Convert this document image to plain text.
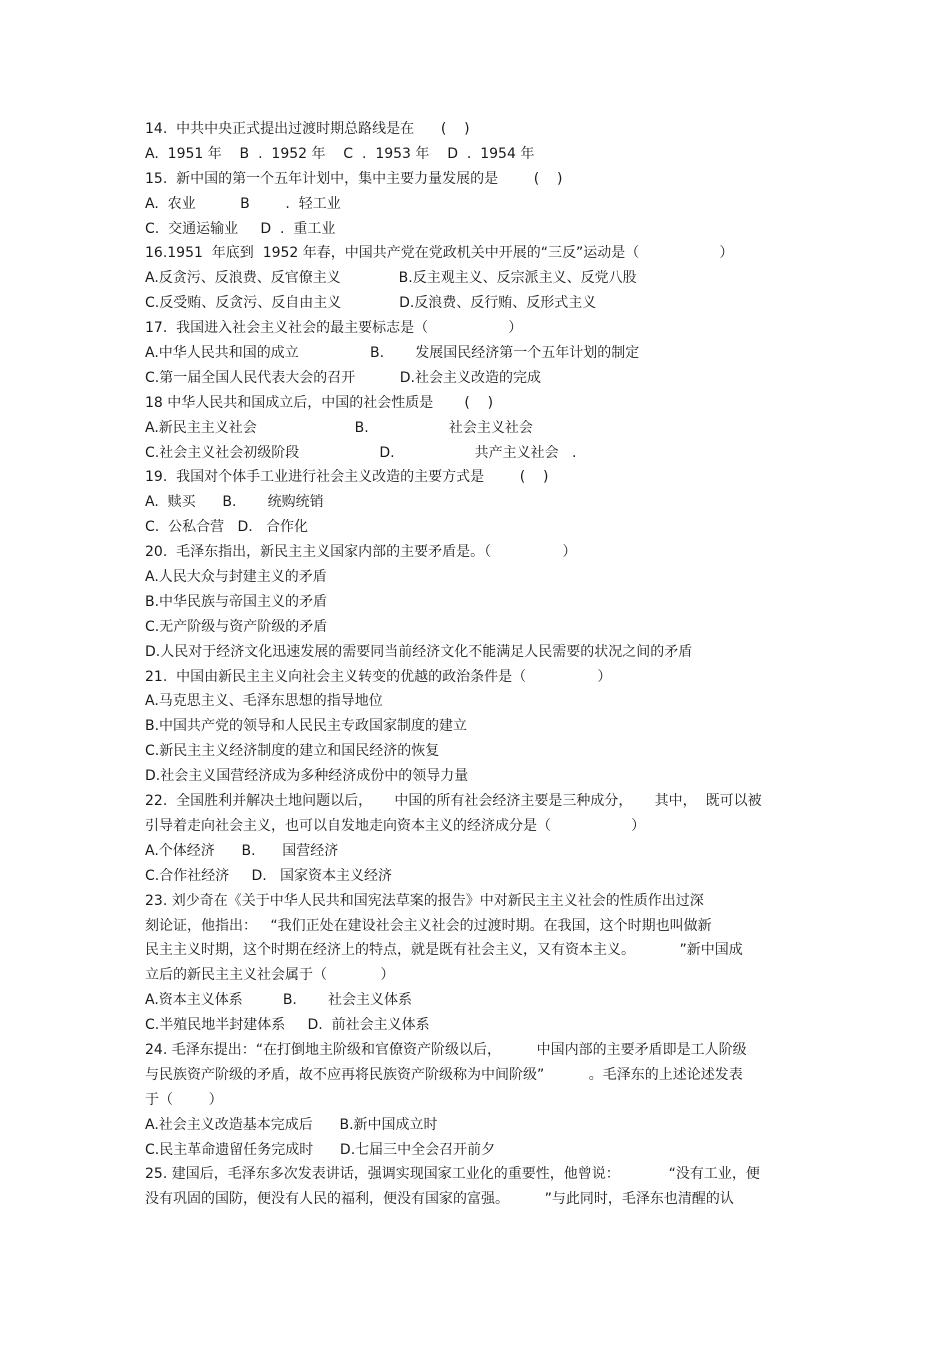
14.  中共中央正式提出过渡时期总路线是在      (    )
A.  1951 年    B  .  1952 年    C  .  1953 年    D  .  1954 年
15.  新中国的第一个五年计划中，集中主要力量发展的是        (    )
A.  农业          B        .  轻工业
C.  交通运输业     D  .  重工业
16.1951  年底到  1952 年春，中国共产党在党政机关中开展的“三反”运动是（                  ）
A.反贪污、反浪费、反官僚主义             B.反主观主义、反宗派主义、反党八股
C.反受贿、反贪污、反自由主义             D.反浪费、反行贿、反形式主义
17.  我国进入社会主义社会的最主要标志是（                  ）
A.中华人民共和国的成立                B.       发展国民经济第一个五年计划的制定
C.第一届全国人民代表大会的召开          D.社会主义改造的完成
18 中华人民共和国成立后，中国的社会性质是       (    )
A.新民主主义社会                      B.                  社会主义社会
C.社会主义社会初级阶段                  D.                  共产主义社会   .
19.  我国对个体手工业进行社会主义改造的主要方式是        (    )
A.  赎买      B.       统购统销
C.  公私合营   D.   合作化
20.  毛泽东指出，新民主主义国家内部的主要矛盾是。（                ）
A.人民大众与封建主义的矛盾
B.中华民族与帝国主义的矛盾
C.无产阶级与资产阶级的矛盾
D.人民对于经济文化迅速发展的需要同当前经济文化不能满足人民需要的状况之间的矛盾
21.  中国由新民主主义向社会主义转变的优越的政治条件是（                ）
A.马克思主义、毛泽东思想的指导地位
B.中国共产党的领导和人民民主专政国家制度的建立
C.新民主主义经济制度的建立和国民经济的恢复
D.社会主义国营经济成为多种经济成份中的领导力量
22.  全国胜利并解决土地问题以后，     中国的所有社会经济主要是三种成分，     其中，  既可以被
引导着走向社会主义，也可以自发地走向资本主义的经济成分是（                  ）
A.个体经济      B.      国营经济
C.合作社经济     D.   国家资本主义经济
23. 刘少奇在《关于中华人民共和国宪法草案的报告》中对新民主主义社会的性质作出过深
刻论证，他指出：   “我们正处在建设社会主义社会的过渡时期。在我国，这个时期也叫做新
民主主义时期，这个时期在经济上的特点，就是既有社会主义，又有资本主义。          ”新中国成
立后的新民主主义社会属于（            ）
A.资本主义体系         B.       社会主义体系
C.半殖民地半封建体系     D.  前社会主义体系
24. 毛泽东提出：“在打倒地主阶级和官僚资产阶级以后，        中国内部的主要矛盾即是工人阶级
与民族资产阶级的矛盾，故不应再将民族资产阶级称为中间阶级”          。毛泽东的上述论述发表
于（        ）
A.社会主义改造基本完成后      B.新中国成立时
C.民主革命遗留任务完成时      D.七届三中全会召开前夕
25. 建国后，毛泽东多次发表讲话，强调实现国家工业化的重要性，他曾说：           “没有工业，便
没有巩固的国防，便没有人民的福利，便没有国家的富强。        ”与此同时，毛泽东也清醒的认
